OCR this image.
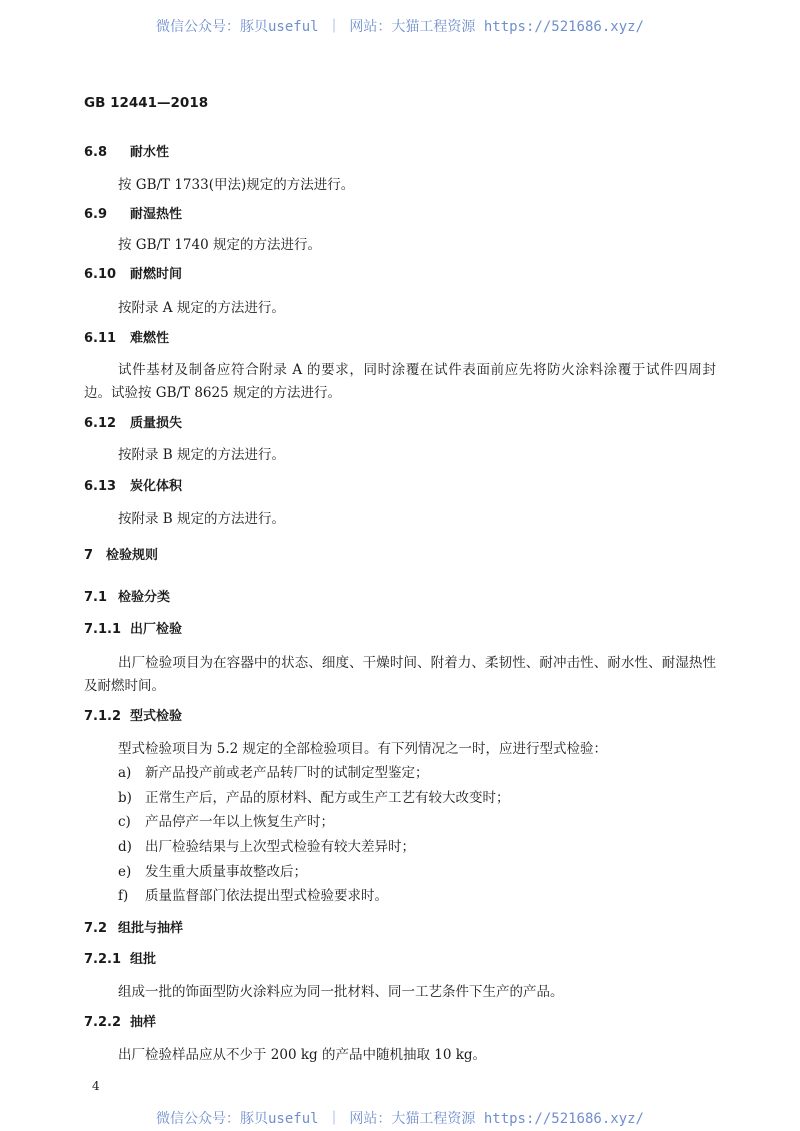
微信公众号：豚贝useful ｜ 网站：大猫工程资源 https://521686.xyz/
GB 12441—2018
6.8 耐水性
按 GB/T 1733(甲法)规定的方法进行。
6.9 耐湿热性
按 GB/T 1740 规定的方法进行。
6.10 耐燃时间
按附录 A 规定的方法进行。
6.11 难燃性
试件基材及制备应符合附录 A 的要求，同时涂覆在试件表面前应先将防火涂料涂覆于试件四周封边。试验按 GB/T 8625 规定的方法进行。
6.12 质量损失
按附录 B 规定的方法进行。
6.13 炭化体积
按附录 B 规定的方法进行。
7 检验规则
7.1 检验分类
7.1.1 出厂检验
出厂检验项目为在容器中的状态、细度、干燥时间、附着力、柔韧性、耐冲击性、耐水性、耐湿热性及耐燃时间。
7.1.2 型式检验
型式检验项目为 5.2 规定的全部检验项目。有下列情况之一时，应进行型式检验：
a) 新产品投产前或老产品转厂时的试制定型鉴定；
b) 正常生产后，产品的原材料、配方或生产工艺有较大改变时；
c) 产品停产一年以上恢复生产时；
d) 出厂检验结果与上次型式检验有较大差异时；
e) 发生重大质量事故整改后；
f) 质量监督部门依法提出型式检验要求时。
7.2 组批与抽样
7.2.1 组批
组成一批的饰面型防火涂料应为同一批材料、同一工艺条件下生产的产品。
7.2.2 抽样
出厂检验样品应从不少于 200 kg 的产品中随机抽取 10 kg。
4
微信公众号：豚贝useful ｜ 网站：大猫工程资源 https://521686.xyz/
